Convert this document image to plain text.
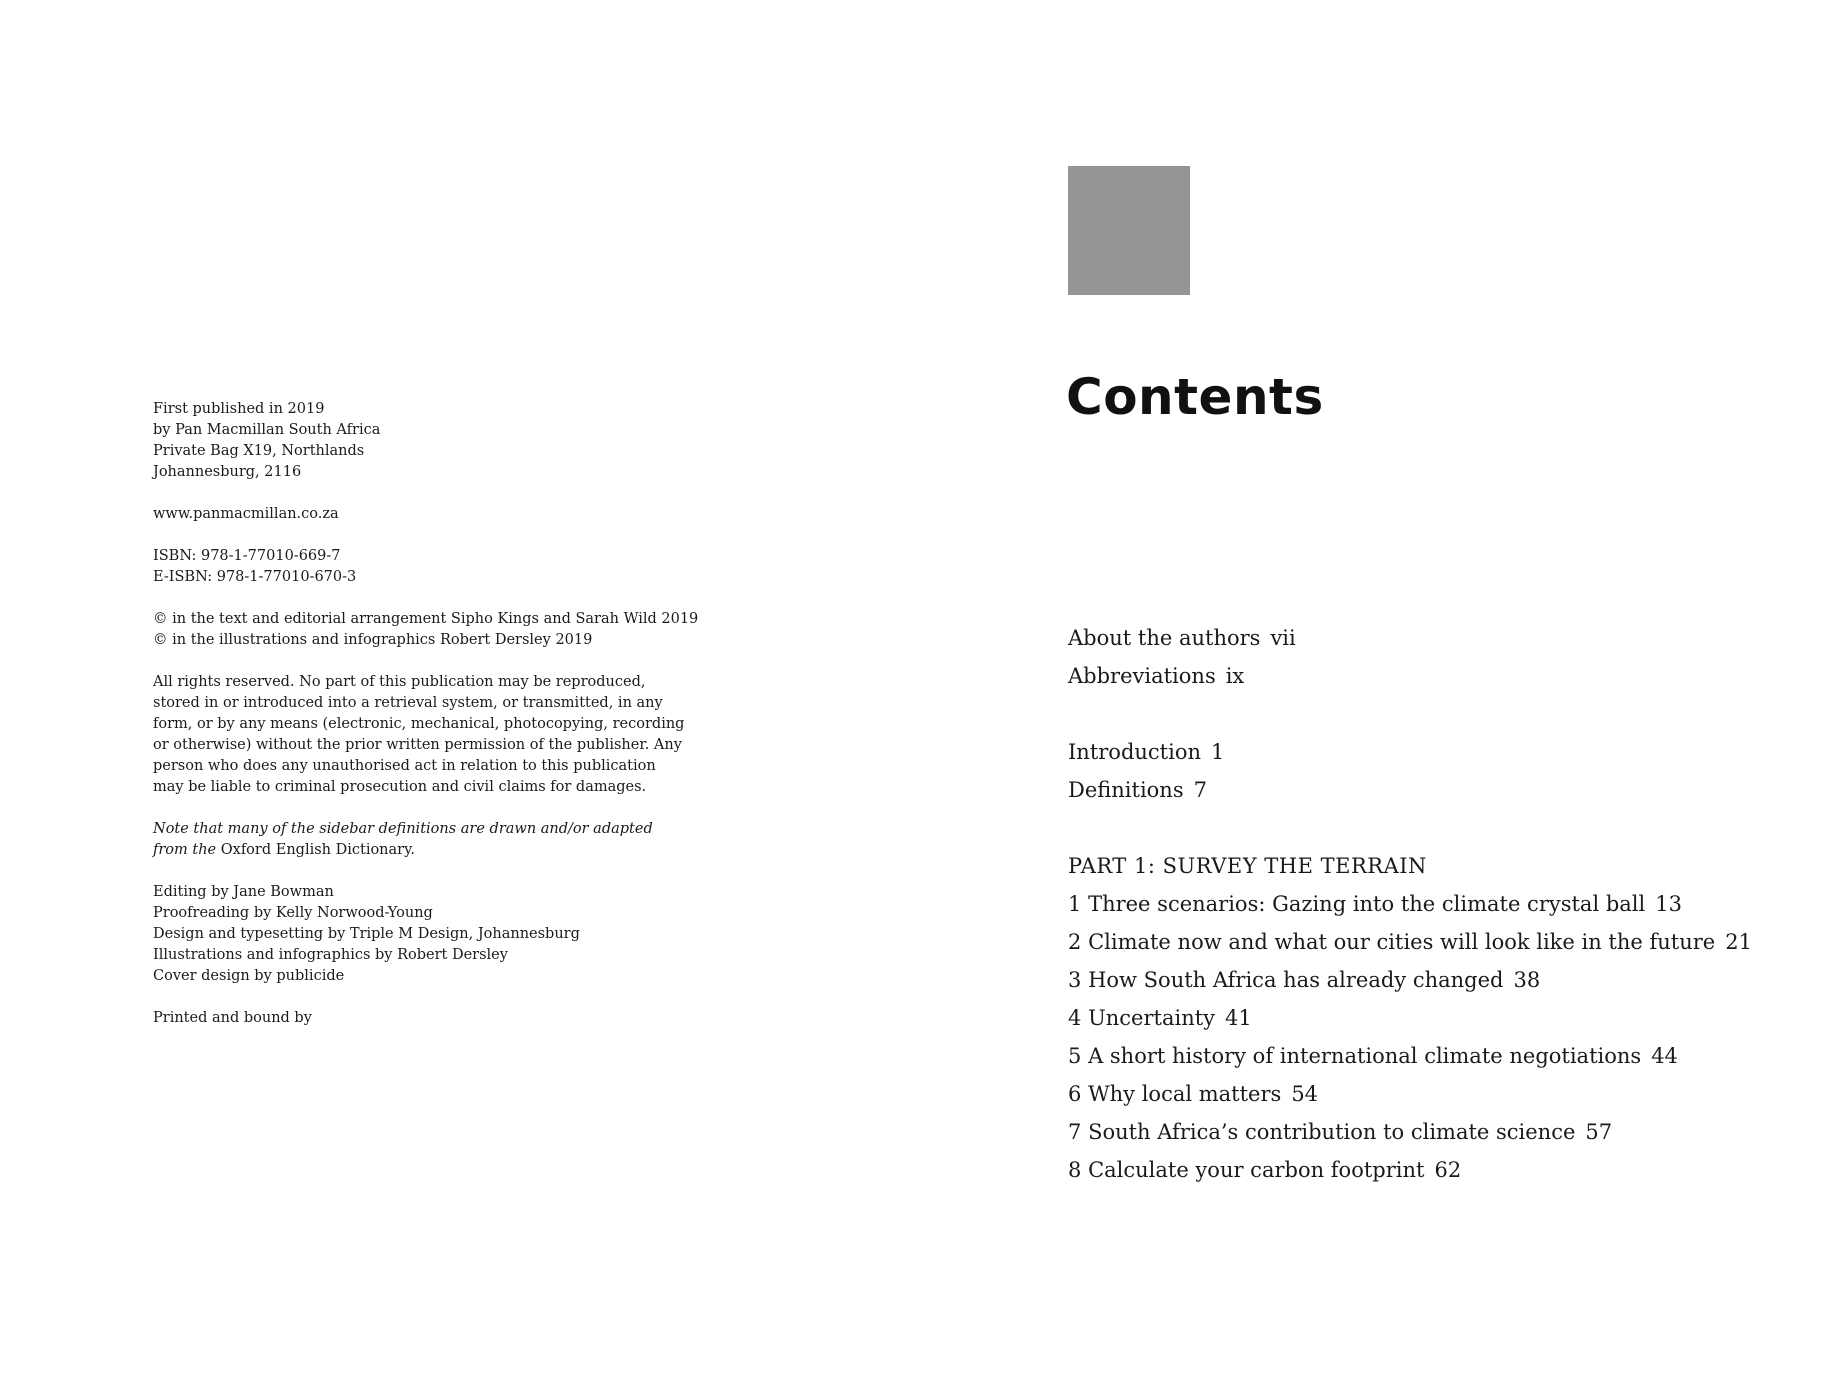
First published in 2019
by Pan Macmillan South Africa
Private Bag X19, Northlands
Johannesburg, 2116
www.panmacmillan.co.za
ISBN: 978-1-77010-669-7
E-ISBN: 978-1-77010-670-3
© in the text and editorial arrangement Sipho Kings and Sarah Wild 2019
© in the illustrations and infographics Robert Dersley 2019
All rights reserved. No part of this publication may be reproduced,
stored in or introduced into a retrieval system, or transmitted, in any
form, or by any means (electronic, mechanical, photocopying, recording
or otherwise) without the prior written permission of the publisher. Any
person who does any unauthorised act in relation to this publication
may be liable to criminal prosecution and civil claims for damages.
Note that many of the sidebar definitions are drawn and/or adapted
from the Oxford English Dictionary.
Editing by Jane Bowman
Proofreading by Kelly Norwood-Young
Design and typesetting by Triple M Design, Johannesburg
Illustrations and infographics by Robert Dersley
Cover design by publicide
Printed and bound by
Contents
About the authors vii
Abbreviations ix
Introduction 1
Definitions 7
PART 1: SURVEY THE TERRAIN
1 Three scenarios: Gazing into the climate crystal ball 13
2 Climate now and what our cities will look like in the future 21
3 How South Africa has already changed 38
4 Uncertainty 41
5 A short history of international climate negotiations 44
6 Why local matters 54
7 South Africa’s contribution to climate science 57
8 Calculate your carbon footprint 62
